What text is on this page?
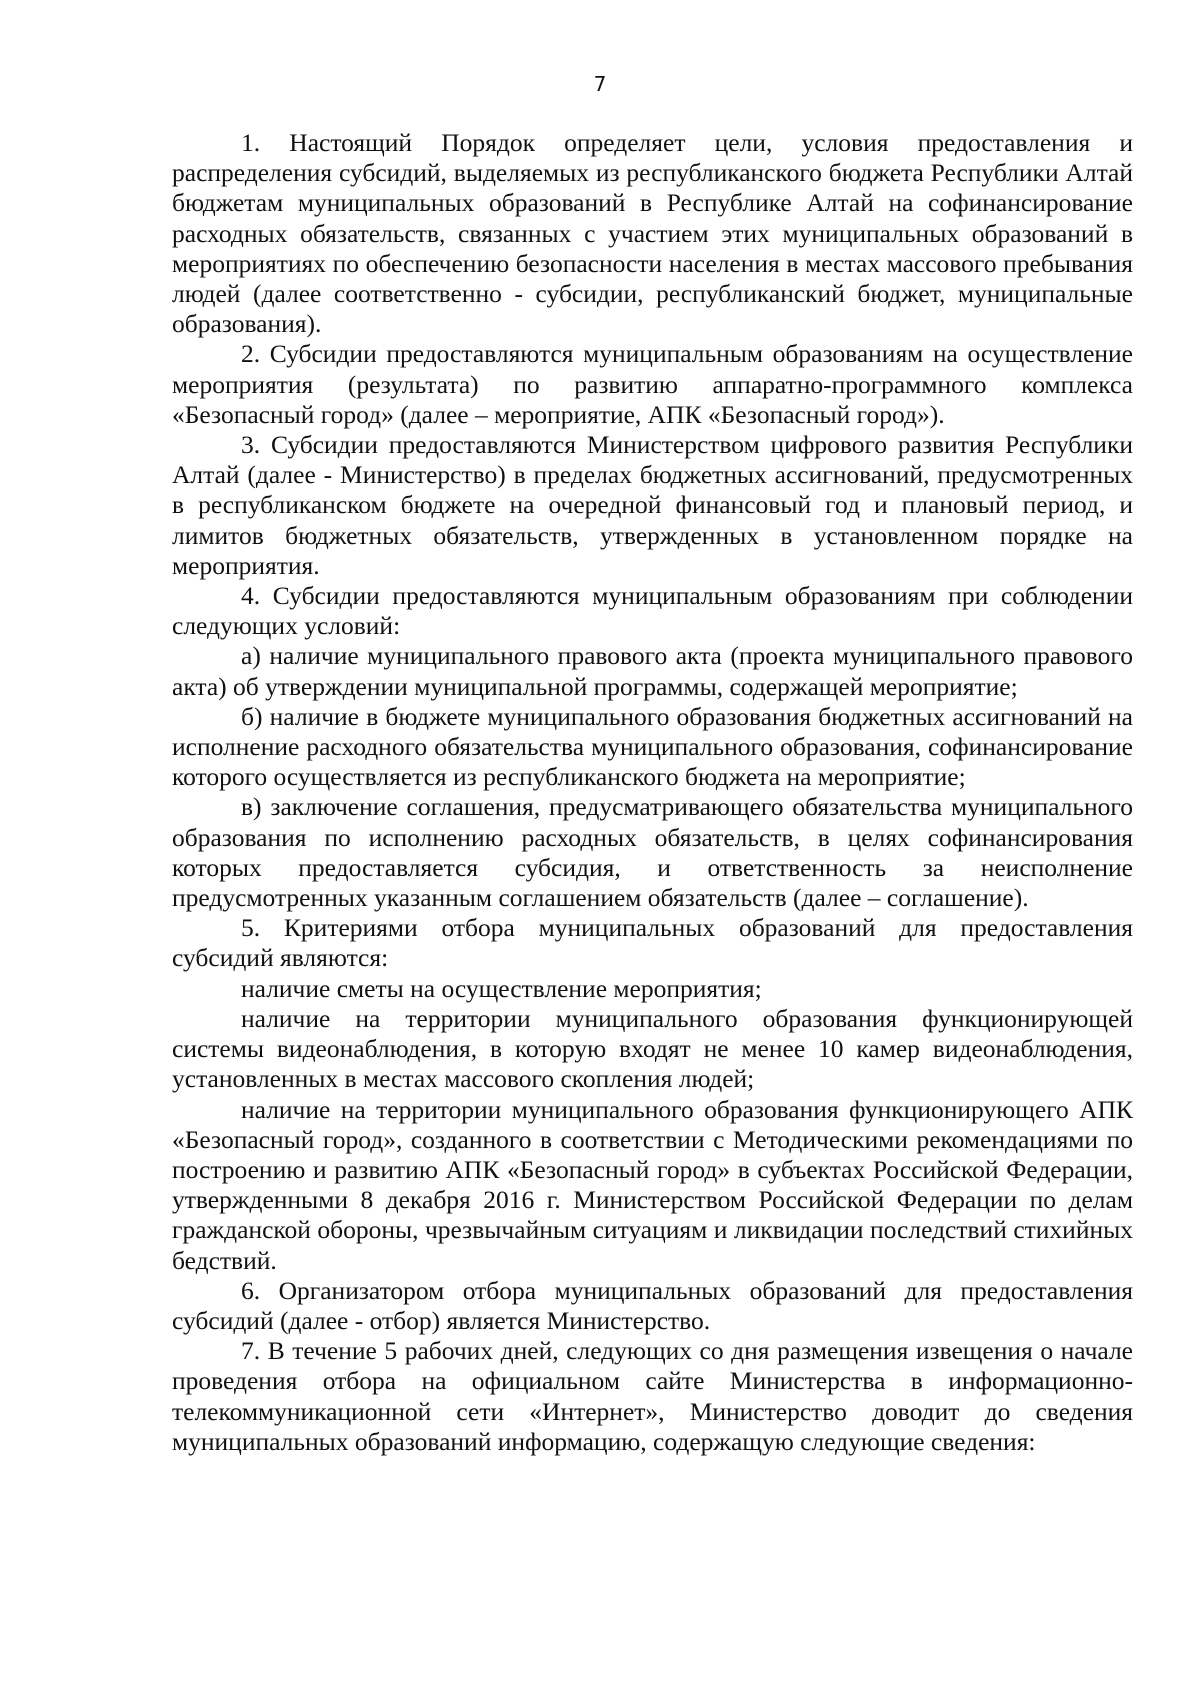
7

1. Настоящий Порядок определяет цели, условия предоставления и распределения субсидий, выделяемых из республиканского бюджета Республики Алтай бюджетам муниципальных образований в Республике Алтай на софинансирование расходных обязательств, связанных с участием этих муниципальных образований в мероприятиях по обеспечению безопасности населения в местах массового пребывания людей (далее соответственно - субсидии, республиканский бюджет, муниципальные образования).

2. Субсидии предоставляются муниципальным образованиям на осуществление мероприятия (результата) по развитию аппаратно-программного комплекса «Безопасный город» (далее – мероприятие, АПК «Безопасный город»).

3. Субсидии предоставляются Министерством цифрового развития Республики Алтай (далее - Министерство) в пределах бюджетных ассигнований, предусмотренных в республиканском бюджете на очередной финансовый год и плановый период, и лимитов бюджетных обязательств, утвержденных в установленном порядке на мероприятия.

4. Субсидии предоставляются муниципальным образованиям при соблюдении следующих условий:

а) наличие муниципального правового акта (проекта муниципального правового акта) об утверждении муниципальной программы, содержащей мероприятие;

б) наличие в бюджете муниципального образования бюджетных ассигнований на исполнение расходного обязательства муниципального образования, софинансирование которого осуществляется из республиканского бюджета на мероприятие;

в) заключение соглашения, предусматривающего обязательства муниципального образования по исполнению расходных обязательств, в целях софинансирования которых предоставляется субсидия, и ответственность за неисполнение предусмотренных указанным соглашением обязательств (далее – соглашение).

5. Критериями отбора муниципальных образований для предоставления субсидий являются:

наличие сметы на осуществление мероприятия;

наличие на территории муниципального образования функционирующей системы видеонаблюдения, в которую входят не менее 10 камер видеонаблюдения, установленных в местах массового скопления людей;

наличие на территории муниципального образования функционирующего АПК «Безопасный город», созданного в соответствии с Методическими рекомендациями по построению и развитию АПК «Безопасный город» в субъектах Российской Федерации, утвержденными 8 декабря 2016 г. Министерством Российской Федерации по делам гражданской обороны, чрезвычайным ситуациям и ликвидации последствий стихийных бедствий.

6. Организатором отбора муниципальных образований для предоставления субсидий (далее - отбор) является Министерство.

7. В течение 5 рабочих дней, следующих со дня размещения извещения о начале проведения отбора на официальном сайте Министерства в информационно-телекоммуникационной сети «Интернет», Министерство доводит до сведения муниципальных образований информацию, содержащую следующие сведения:
